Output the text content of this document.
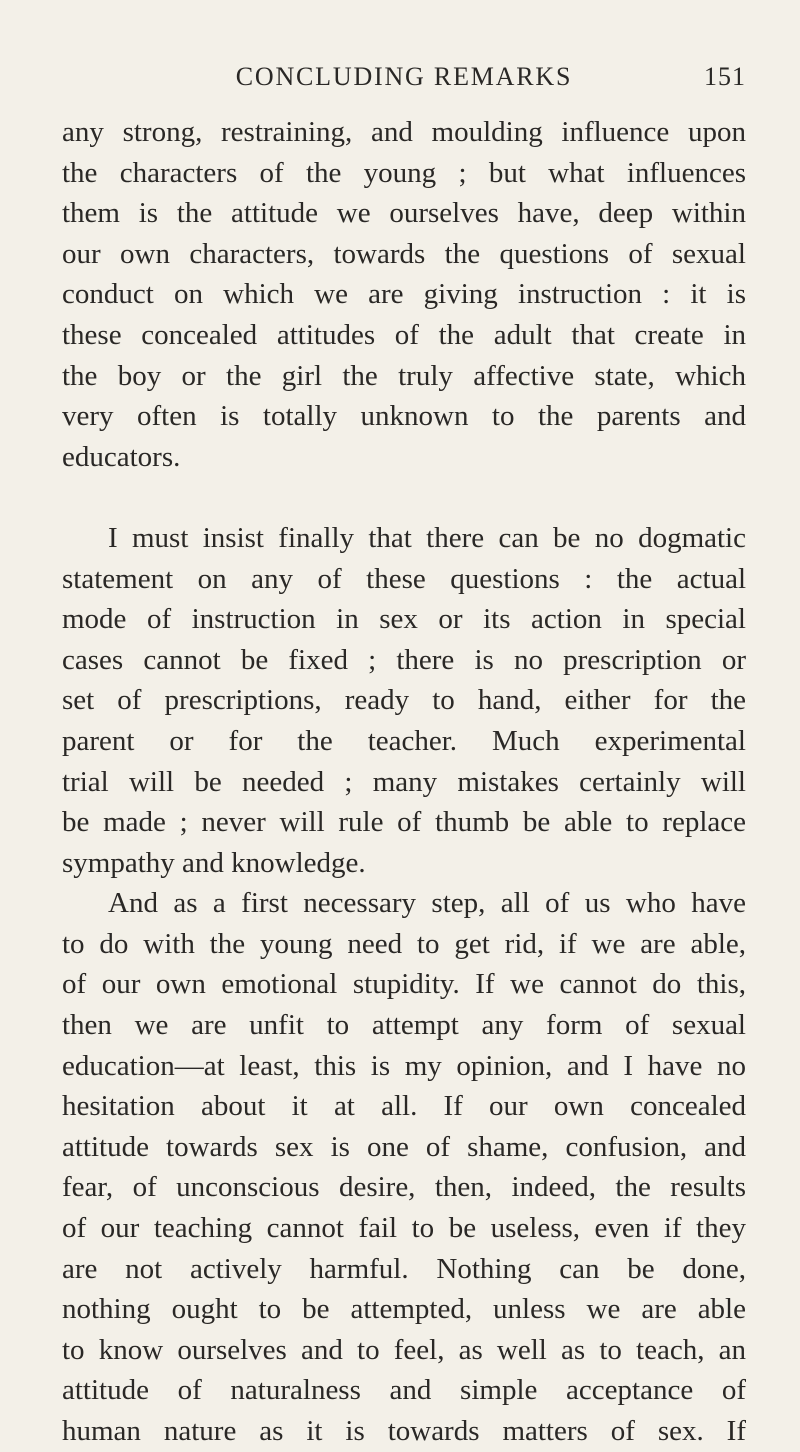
CONCLUDING REMARKS	151
any strong, restraining, and moulding influence upon
the characters of the young ; but what influences
them is the attitude we ourselves have, deep within
our own characters, towards the questions of sexual
conduct on which we are giving instruction : it is
these concealed attitudes of the adult that create in
the boy or the girl the truly affective state, which
very often is totally unknown to the parents and
educators.
I must insist finally that there can be no dogmatic
statement on any of these questions : the actual
mode of instruction in sex or its action in special
cases cannot be fixed ; there is no prescription or
set of prescriptions, ready to hand, either for the
parent or for the teacher. Much experimental
trial will be needed ; many mistakes certainly will
be made ; never will rule of thumb be able to replace
sympathy and knowledge.
And as a first necessary step, all of us who have
to do with the young need to get rid, if we are able,
of our own emotional stupidity. If we cannot do this,
then we are unfit to attempt any form of sexual
education—at least, this is my opinion, and I have no
hesitation about it at all. If our own concealed
attitude towards sex is one of shame, confusion, and
fear, of unconscious desire, then, indeed, the results
of our teaching cannot fail to be useless, even if they
are not actively harmful. Nothing can be done,
nothing ought to be attempted, unless we are able
to know ourselves and to feel, as well as to teach, an
attitude of naturalness and simple acceptance of
human nature as it is towards matters of sex. If
